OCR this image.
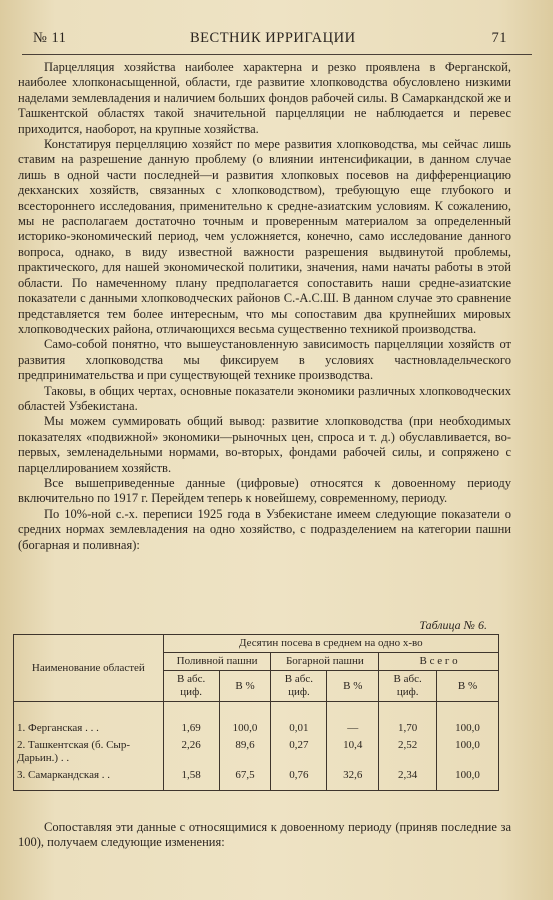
№ 11	ВЕСТНИК ИРРИГАЦИИ	71

Парцелляция хозяйства наиболее характерна и резко проявлена в Ферганской, наиболее хлопконасыщенной, области, где развитие хлопководства обусловлено низкими наделами землевладения и наличием больших фондов рабочей силы. В Самаркандской же и Ташкентской областях такой значительной парцелляции не наблюдается и перевес приходится, наоборот, на крупные хозяйства.

Констатируя перцелляцию хозяйст по мере развития хлопководства, мы сейчас лишь ставим на разрешение данную проблему (о влиянии интенсификации, в данном случае лишь в одной части последней—и развития хлопковых посевов на дифференциацию декханских хозяйств, связанных с хлопководством), требующую еще глубокого и всестороннего исследования, применительно к средне-азиатским условиям. К сожалению, мы не располагаем достаточно точным и проверенным материалом за определенный историко-экономический период, чем усложняется, конечно, само исследование данного вопроса, однако, в виду известной важности разрешения выдвинутой проблемы, практического, для нашей экономической политики, значения, нами начаты работы в этой области. По намеченному плану предполагается сопоставить наши средне-азиатские показатели с данными хлопководческих районов С.-А.С.Ш. В данном случае это сравнение представляется тем более интересным, что мы сопоставим два крупнейших мировых хлопководческих района, отличающихся весьма существенно техникой производства.

Само-собой понятно, что вышеустановленную зависимость парцелляции хозяйств от развития хлопководства мы фиксируем в условиях частновладельческого предпринимательства и при существующей технике производства.

Таковы, в общих чертах, основные показатели экономики различных хлопководческих областей Узбекистана.

Мы можем суммировать общий вывод: развитие хлопководства (при необходимых показателях «подвижной» экономики—рыночных цен, спроса и т. д.) обуславливается, во-первых, земленадельными нормами, во-вторых, фондами рабочей силы, и сопряжено с парцеллированием хозяйств.

Все вышеприведенные данные (цифровые) относятся к довоенному периоду включительно по 1917 г. Перейдем теперь к новейшему, современному, периоду.

По 10%-ной с.-х. переписи 1925 года в Узбекистане имеем следующие показатели о средних нормах землевладения на одно хозяйство, с подразделением на категории пашни (богарная и поливная):

Таблица № 6.
Наименование областей	Десятин посева в среднем на одно х-во					
	Поливной пашни		Богарной пашни		В с е г о	
	В абс. циф.	В %	В абс. циф.	В %	В абс. циф.	В %
1. Ферганская . . .	1,69	100,0	0,01	—	1,70	100,0
2. Ташкентская (б. Сыр-Дарьин.) . .	2,26	89,6	0,27	10,4	2,52	100,0
3. Самаркандская . .	1,58	67,5	0,76	32,6	2,34	100,0

Сопоставляя эти данные с относящимися к довоенному периоду (приняв последние за 100), получаем следующие изменения:
